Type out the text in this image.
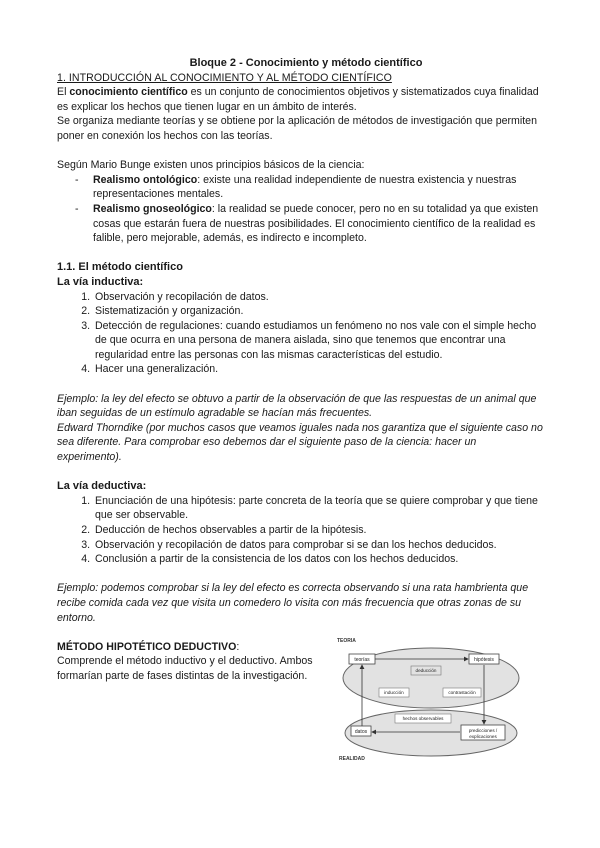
Bloque 2 - Conocimiento y método científico

1. INTRODUCCIÓN AL CONOCIMIENTO Y AL MÉTODO CIENTÍFICO

El conocimiento científico es un conjunto de conocimientos objetivos y sistematizados cuya finalidad es explicar los hechos que tienen lugar en un ámbito de interés.

Se organiza mediante teorías y se obtiene por la aplicación de métodos de investigación que permiten poner en conexión los hechos con las teorías.

Según Mario Bunge existen unos principios básicos de la ciencia:

- Realismo ontológico: existe una realidad independiente de nuestra existencia y nuestras representaciones mentales.
- Realismo gnoseológico: la realidad se puede conocer, pero no en su totalidad ya que existen cosas que estarán fuera de nuestras posibilidades. El conocimiento científico de la realidad es falible, pero mejorable, además, es indirecto e incompleto.

1.1. El método científico

La vía inductiva:

1. Observación y recopilación de datos.
2. Sistematización y organización.
3. Detección de regulaciones: cuando estudiamos un fenómeno no nos vale con el simple hecho de que ocurra en una persona de manera aislada, sino que tenemos que encontrar una regularidad entre las personas con las mismas características del estudio.
4. Hacer una generalización.

Ejemplo: la ley del efecto se obtuvo a partir de la observación de que las respuestas de un animal que iban seguidas de un estímulo agradable se hacían más frecuentes.

Edward Thorndike (por muchos casos que veamos iguales nada nos garantiza que el siguiente caso no sea diferente. Para comprobar eso debemos dar el siguiente paso de la ciencia: hacer un experimento).

La vía deductiva:

1. Enunciación de una hipótesis: parte concreta de la teoría que se quiere comprobar y que tiene que ser observable.
2. Deducción de hechos observables a partir de la hipótesis.
3. Observación y recopilación de datos para comprobar si se dan los hechos deducidos.
4. Conclusión a partir de la consistencia de los datos con los hechos deducidos.

Ejemplo: podemos comprobar si la ley del efecto es correcta observando si una rata hambrienta que recibe comida cada vez que visita un comedero lo visita con más frecuencia que otras zonas de su entorno.

MÉTODO HIPOTÉTICO DEDUCTIVO:

Comprende el método inductivo y el deductivo. Ambos formarían parte de fases distintas de la investigación.

TEORÍA
REALIDAD
teorías	hipótesis
deducción
inducción	contrastación
hechos observables
datos	predicciones /
explicaciones
